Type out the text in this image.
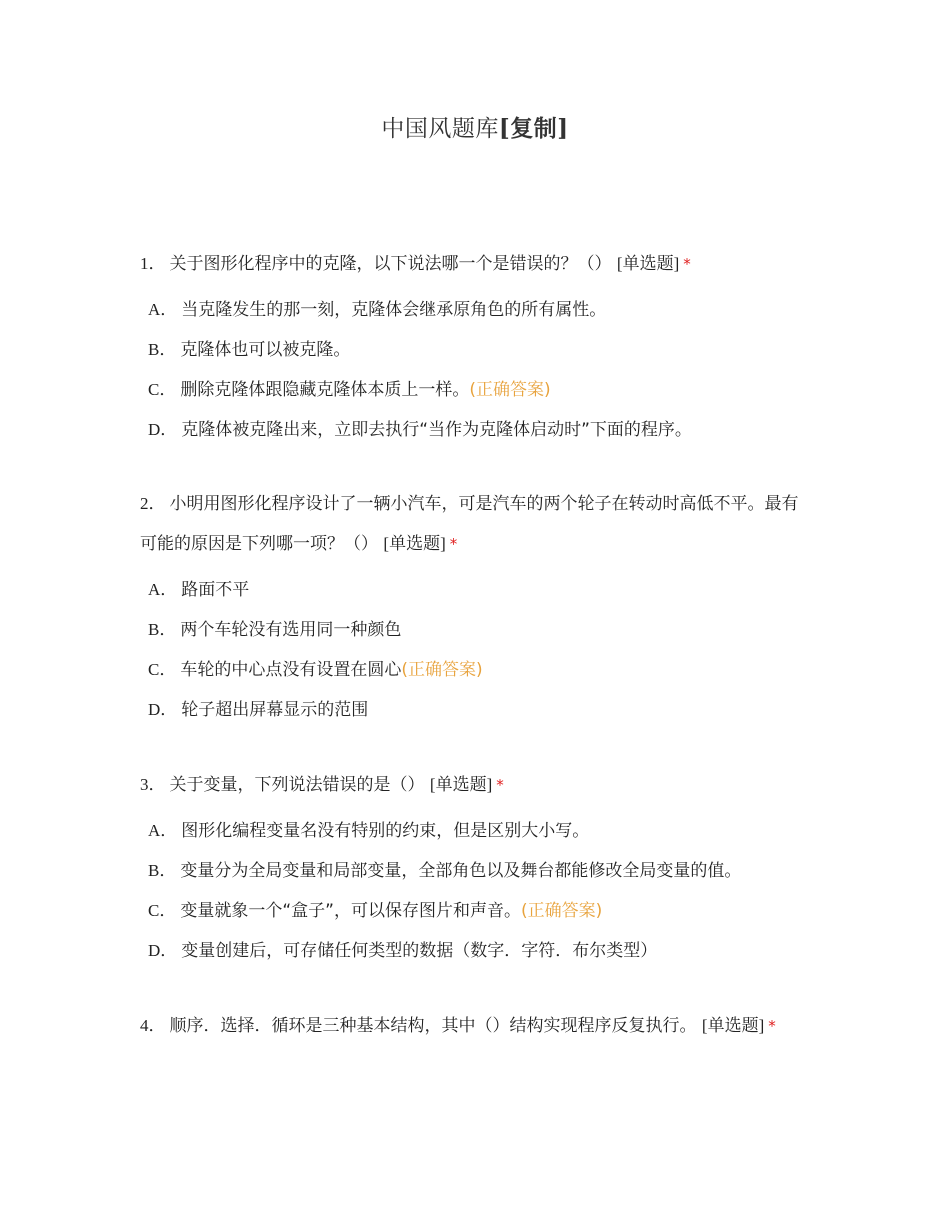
中国风题库[复制]

1． 关于图形化程序中的克隆，以下说法哪一个是错误的？（） [单选题] *

A． 当克隆发生的那一刻，克隆体会继承原角色的所有属性。
B． 克隆体也可以被克隆。
C． 删除克隆体跟隐藏克隆体本质上一样。(正确答案)
D． 克隆体被克隆出来，立即去执行“当作为克隆体启动时”下面的程序。

2． 小明用图形化程序设计了一辆小汽车，可是汽车的两个轮子在转动时高低不平。最有可能的原因是下列哪一项？（） [单选题] *

A． 路面不平
B． 两个车轮没有选用同一种颜色
C． 车轮的中心点没有设置在圆心(正确答案)
D． 轮子超出屏幕显示的范围

3． 关于变量，下列说法错误的是（） [单选题] *

A． 图形化编程变量名没有特别的约束，但是区别大小写。
B． 变量分为全局变量和局部变量，全部角色以及舞台都能修改全局变量的值。
C． 变量就象一个“盒子”，可以保存图片和声音。(正确答案)
D． 变量创建后，可存储任何类型的数据（数字．字符．布尔类型）

4． 顺序．选择．循环是三种基本结构，其中（）结构实现程序反复执行。 [单选题] *
